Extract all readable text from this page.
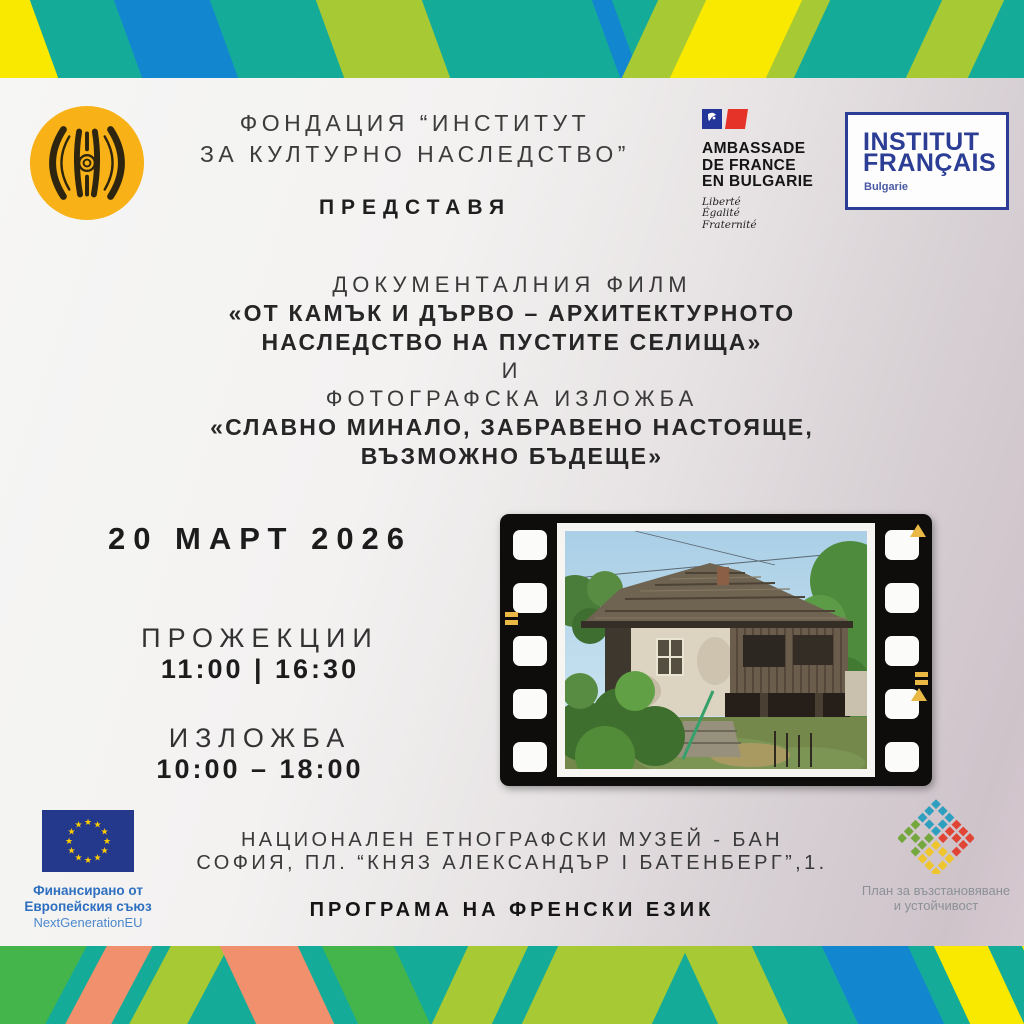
ФОНДАЦИЯ “ИНСТИТУТ
ЗА КУЛТУРНО НАСЛЕДСТВО”
ПРЕДСТАВЯ
AMBASSADE
DE FRANCE
EN BULGARIE
Liberté
Égalité
Fraternité
INSTITUT
FRANÇAIS
Bulgarie
ДОКУМЕНТАЛНИЯ ФИЛМ
«ОТ КАМЪК И ДЪРВО – АРХИТЕКТУРНОТО
НАСЛЕДСТВО НА ПУСТИТЕ СЕЛИЩА»
И
ФОТОГРАФСКА ИЗЛОЖБА
«СЛАВНО МИНАЛО, ЗАБРАВЕНО НАСТОЯЩЕ,
ВЪЗМОЖНО БЪДЕЩЕ»
20 МАРТ 2026
ПРОЖЕКЦИИ
11:00 | 16:30
ИЗЛОЖБА
10:00 – 18:00
★ ★
★
★
★
★
★
★
★
★
★
★
Финансирано от
Европейския съюз
NextGenerationEU
НАЦИОНАЛЕН ЕТНОГРАФСКИ МУЗЕЙ - БАН
СОФИЯ, ПЛ. “КНЯЗ АЛЕКСАНДЪР I БАТЕНБЕРГ”,1.
ПРОГРАМА НА ФРЕНСКИ ЕЗИК
План за възстановяване
и устойчивост
